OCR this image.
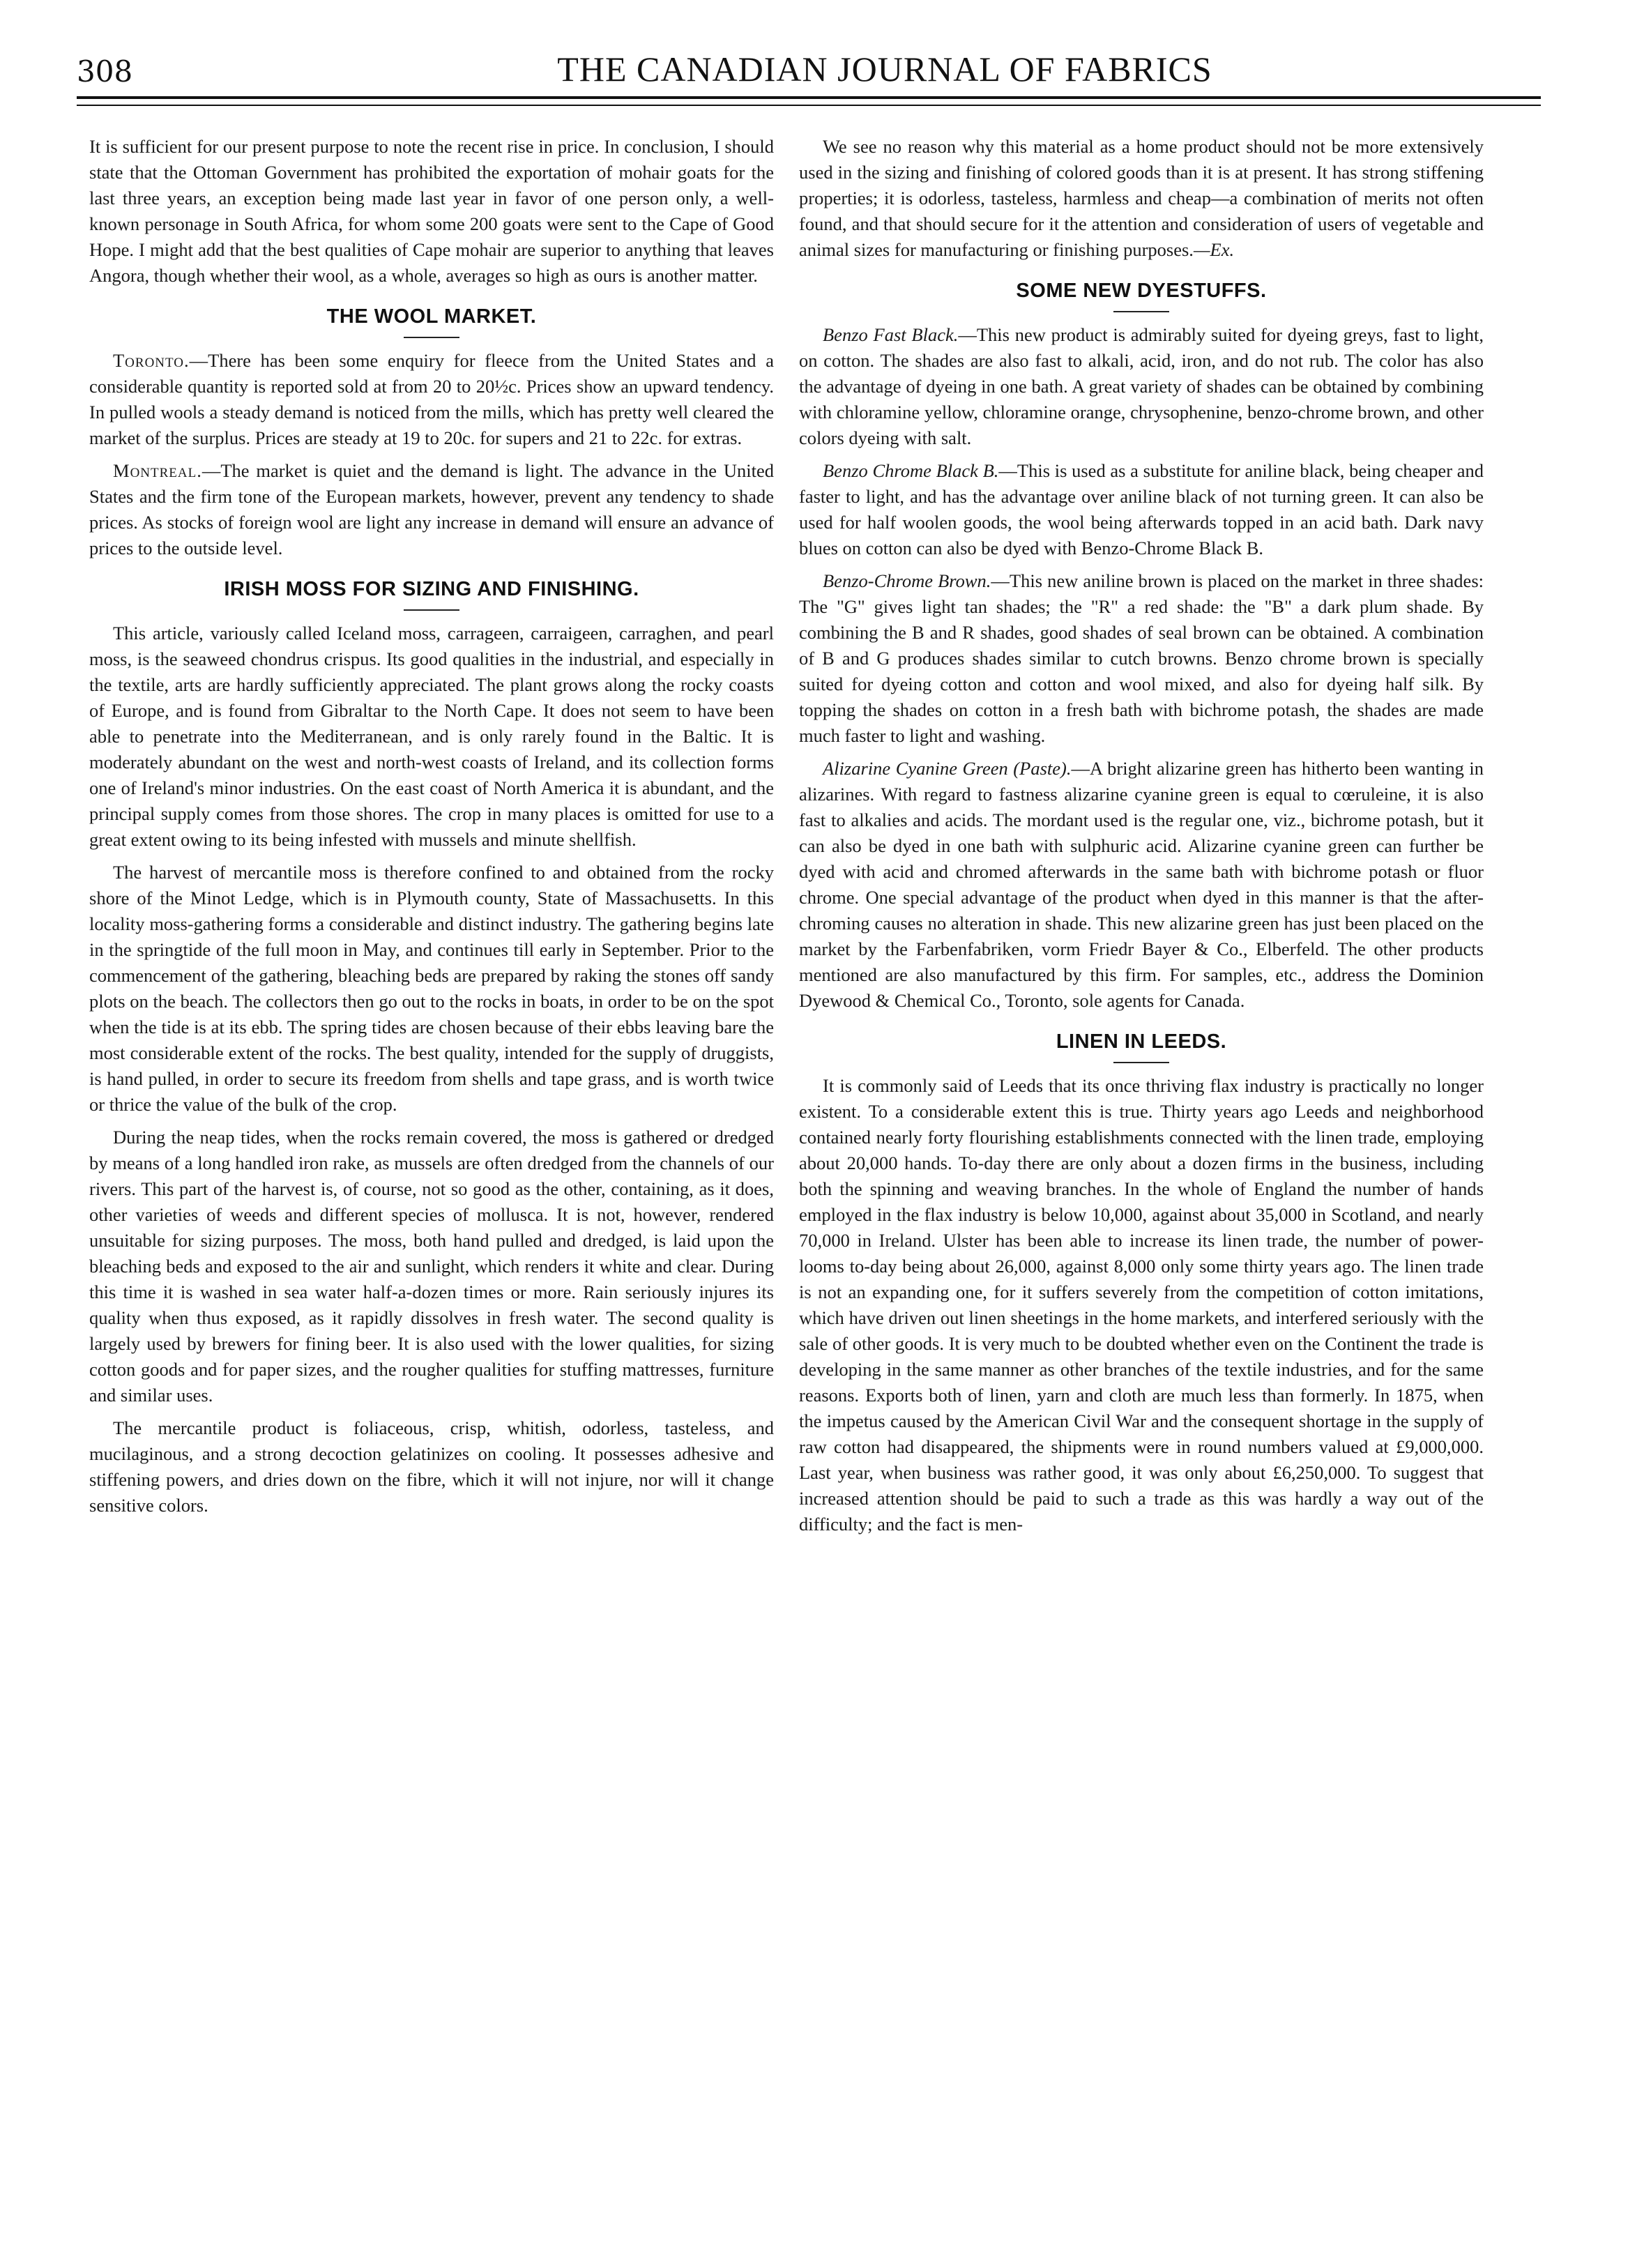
308	THE CANADIAN JOURNAL OF FABRICS

It is sufficient for our present purpose to note the recent rise in price. In conclusion, I should state that the Ottoman Government has prohibited the exportation of mohair goats for the last three years, an exception being made last year in favor of one person only, a well-known personage in South Africa, for whom some 200 goats were sent to the Cape of Good Hope. I might add that the best qualities of Cape mohair are superior to anything that leaves Angora, though whether their wool, as a whole, averages so high as ours is another matter.

THE WOOL MARKET.

Toronto.—There has been some enquiry for fleece from the United States and a considerable quantity is reported sold at from 20 to 20½c. Prices show an upward tendency. In pulled wools a steady demand is noticed from the mills, which has pretty well cleared the market of the surplus. Prices are steady at 19 to 20c. for supers and 21 to 22c. for extras.

Montreal.—The market is quiet and the demand is light. The advance in the United States and the firm tone of the European markets, however, prevent any tendency to shade prices. As stocks of foreign wool are light any increase in demand will ensure an advance of prices to the outside level.

IRISH MOSS FOR SIZING AND FINISHING.

This article, variously called Iceland moss, carrageen, carraigeen, carraghen, and pearl moss, is the seaweed chondrus crispus. Its good qualities in the industrial, and especially in the textile, arts are hardly sufficiently appreciated. The plant grows along the rocky coasts of Europe, and is found from Gibraltar to the North Cape. It does not seem to have been able to penetrate into the Mediterranean, and is only rarely found in the Baltic. It is moderately abundant on the west and north-west coasts of Ireland, and its collection forms one of Ireland's minor industries. On the east coast of North America it is abundant, and the principal supply comes from those shores. The crop in many places is omitted for use to a great extent owing to its being infested with mussels and minute shellfish.

The harvest of mercantile moss is therefore confined to and obtained from the rocky shore of the Minot Ledge, which is in Plymouth county, State of Massachusetts. In this locality moss-gathering forms a considerable and distinct industry. The gathering begins late in the springtide of the full moon in May, and continues till early in September. Prior to the commencement of the gathering, bleaching beds are prepared by raking the stones off sandy plots on the beach. The collectors then go out to the rocks in boats, in order to be on the spot when the tide is at its ebb. The spring tides are chosen because of their ebbs leaving bare the most considerable extent of the rocks. The best quality, intended for the supply of druggists, is hand pulled, in order to secure its freedom from shells and tape grass, and is worth twice or thrice the value of the bulk of the crop.

During the neap tides, when the rocks remain covered, the moss is gathered or dredged by means of a long handled iron rake, as mussels are often dredged from the channels of our rivers. This part of the harvest is, of course, not so good as the other, containing, as it does, other varieties of weeds and different species of mollusca. It is not, however, rendered unsuitable for sizing purposes. The moss, both hand pulled and dredged, is laid upon the bleaching beds and exposed to the air and sunlight, which renders it white and clear. During this time it is washed in sea water half-a-dozen times or more. Rain seriously injures its quality when thus exposed, as it rapidly dissolves in fresh water. The second quality is largely used by brewers for fining beer. It is also used with the lower qualities, for sizing cotton goods and for paper sizes, and the rougher qualities for stuffing mattresses, furniture and similar uses.

The mercantile product is foliaceous, crisp, whitish, odorless, tasteless, and mucilaginous, and a strong decoction gelatinizes on cooling. It possesses adhesive and stiffening powers, and dries down on the fibre, which it will not injure, nor will it change sensitive colors.

We see no reason why this material as a home product should not be more extensively used in the sizing and finishing of colored goods than it is at present. It has strong stiffening properties; it is odorless, tasteless, harmless and cheap—a combination of merits not often found, and that should secure for it the attention and consideration of users of vegetable and animal sizes for manufacturing or finishing purposes.—Ex.

SOME NEW DYESTUFFS.

Benzo Fast Black.—This new product is admirably suited for dyeing greys, fast to light, on cotton. The shades are also fast to alkali, acid, iron, and do not rub. The color has also the advantage of dyeing in one bath. A great variety of shades can be obtained by combining with chloramine yellow, chloramine orange, chrysophenine, benzo-chrome brown, and other colors dyeing with salt.

Benzo Chrome Black B.—This is used as a substitute for aniline black, being cheaper and faster to light, and has the advantage over aniline black of not turning green. It can also be used for half woolen goods, the wool being afterwards topped in an acid bath. Dark navy blues on cotton can also be dyed with Benzo-Chrome Black B.

Benzo-Chrome Brown.—This new aniline brown is placed on the market in three shades: The "G" gives light tan shades; the "R" a red shade: the "B" a dark plum shade. By combining the B and R shades, good shades of seal brown can be obtained. A combination of B and G produces shades similar to cutch browns. Benzo chrome brown is specially suited for dyeing cotton and cotton and wool mixed, and also for dyeing half silk. By topping the shades on cotton in a fresh bath with bichrome potash, the shades are made much faster to light and washing.

Alizarine Cyanine Green (Paste).—A bright alizarine green has hitherto been wanting in alizarines. With regard to fastness alizarine cyanine green is equal to cœruleine, it is also fast to alkalies and acids. The mordant used is the regular one, viz., bichrome potash, but it can also be dyed in one bath with sulphuric acid. Alizarine cyanine green can further be dyed with acid and chromed afterwards in the same bath with bichrome potash or fluor chrome. One special advantage of the product when dyed in this manner is that the after-chroming causes no alteration in shade. This new alizarine green has just been placed on the market by the Farbenfabriken, vorm Friedr Bayer & Co., Elberfeld. The other products mentioned are also manufactured by this firm. For samples, etc., address the Dominion Dyewood & Chemical Co., Toronto, sole agents for Canada.

LINEN IN LEEDS.

It is commonly said of Leeds that its once thriving flax industry is practically no longer existent. To a considerable extent this is true. Thirty years ago Leeds and neighborhood contained nearly forty flourishing establishments connected with the linen trade, employing about 20,000 hands. To-day there are only about a dozen firms in the business, including both the spinning and weaving branches. In the whole of England the number of hands employed in the flax industry is below 10,000, against about 35,000 in Scotland, and nearly 70,000 in Ireland. Ulster has been able to increase its linen trade, the number of power-looms to-day being about 26,000, against 8,000 only some thirty years ago. The linen trade is not an expanding one, for it suffers severely from the competition of cotton imitations, which have driven out linen sheetings in the home markets, and interfered seriously with the sale of other goods. It is very much to be doubted whether even on the Continent the trade is developing in the same manner as other branches of the textile industries, and for the same reasons. Exports both of linen, yarn and cloth are much less than formerly. In 1875, when the impetus caused by the American Civil War and the consequent shortage in the supply of raw cotton had disappeared, the shipments were in round numbers valued at £9,000,000. Last year, when business was rather good, it was only about £6,250,000. To suggest that increased attention should be paid to such a trade as this was hardly a way out of the difficulty; and the fact is men-
